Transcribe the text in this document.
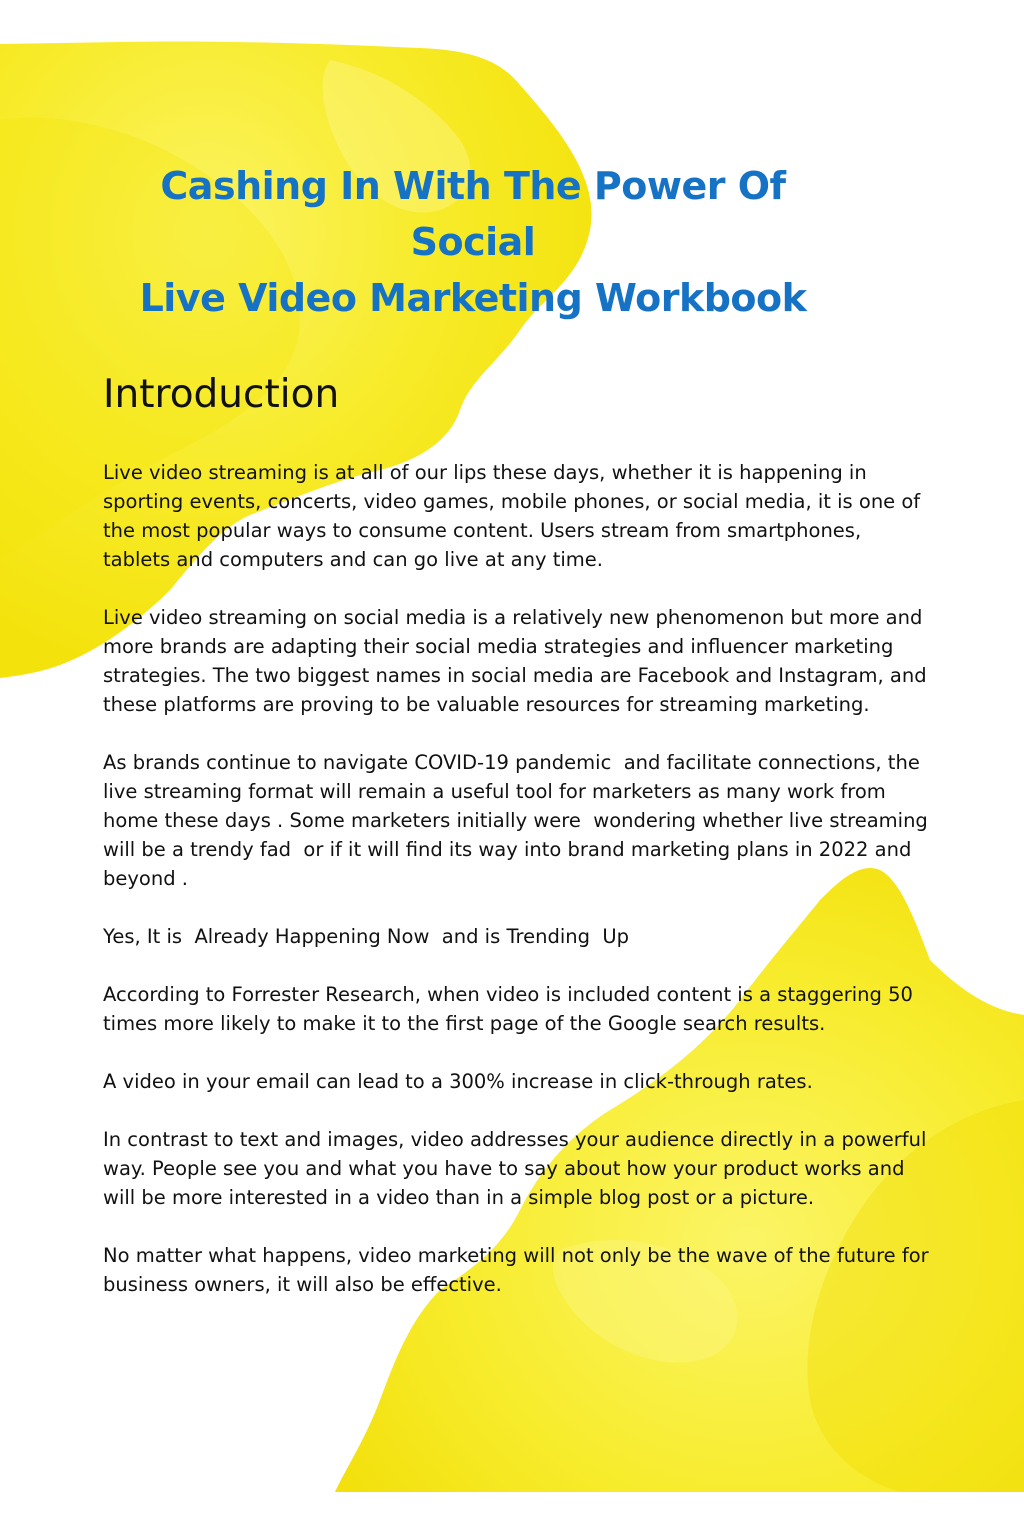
Cashing In With The Power Of Social
Live Video Marketing Workbook
Introduction

Live video streaming is at all of our lips these days, whether it is happening in sporting events, concerts, video games, mobile phones, or social media, it is one of the most popular ways to consume content. Users stream from smartphones, tablets and computers and can go live at any time.

Live video streaming on social media is a relatively new phenomenon but more and more brands are adapting their social media strategies and influencer marketing strategies. The two biggest names in social media are Facebook and Instagram, and these platforms are proving to be valuable resources for streaming marketing.

As brands continue to navigate COVID-19 pandemic  and facilitate connections, the live streaming format will remain a useful tool for marketers as many work from home these days . Some marketers initially were  wondering whether live streaming will be a trendy fad  or if it will find its way into brand marketing plans in 2022 and beyond .

Yes, It is  Already Happening Now  and is Trending  Up

According to Forrester Research, when video is included content is a staggering 50 times more likely to make it to the first page of the Google search results.

A video in your email can lead to a 300% increase in click-through rates.

In contrast to text and images, video addresses your audience directly in a powerful way. People see you and what you have to say about how your product works and will be more interested in a video than in a simple blog post or a picture.

No matter what happens, video marketing will not only be the wave of the future for business owners, it will also be effective.
